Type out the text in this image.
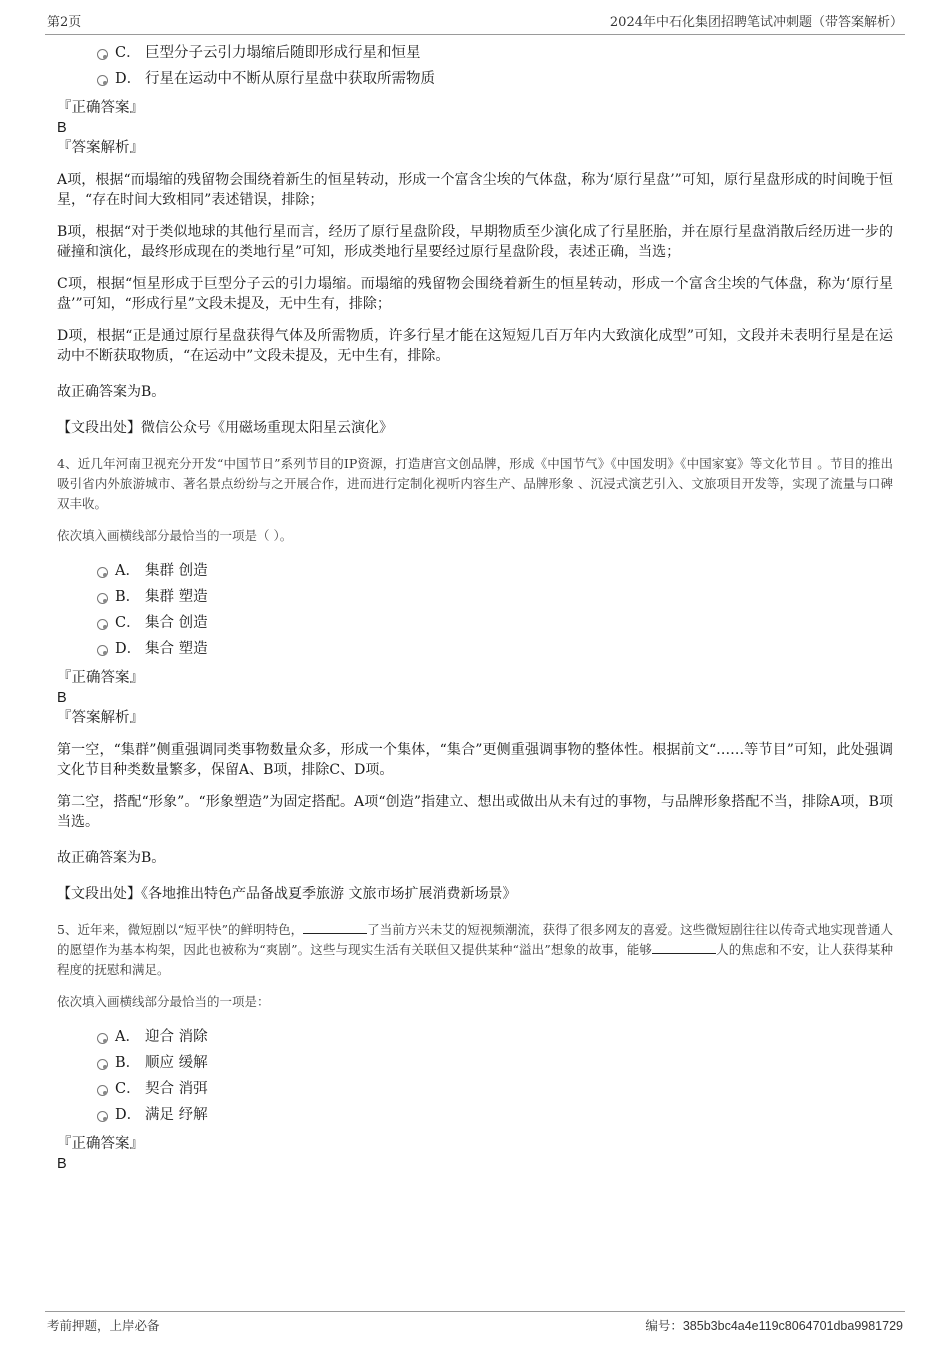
第2页	2024年中石化集团招聘笔试冲刺题（带答案解析）
C． 巨型分子云引力塌缩后随即形成行星和恒星
D． 行星在运动中不断从原行星盘中获取所需物质

『正确答案』

B

『答案解析』

A项，根据“而塌缩的残留物会围绕着新生的恒星转动，形成一个富含尘埃的气体盘，称为‘原行星盘’”可知，原行星盘形成的时间晚于恒星，“存在时间大致相同”表述错误，排除；

B项，根据“对于类似地球的其他行星而言，经历了原行星盘阶段，早期物质至少演化成了行星胚胎，并在原行星盘消散后经历进一步的碰撞和演化，最终形成现在的类地行星”可知，形成类地行星要经过原行星盘阶段，表述正确，当选；

C项，根据“恒星形成于巨型分子云的引力塌缩。而塌缩的残留物会围绕着新生的恒星转动，形成一个富含尘埃的气体盘，称为‘原行星盘’”可知，“形成行星”文段未提及，无中生有，排除；

D项，根据“正是通过原行星盘获得气体及所需物质，许多行星才能在这短短几百万年内大致演化成型”可知，文段并未表明行星是在运动中不断获取物质，“在运动中”文段未提及，无中生有，排除。

故正确答案为B。

【文段出处】微信公众号《用磁场重现太阳星云演化》

4、近几年河南卫视充分开发“中国节日”系列节目的IP资源，打造唐宫文创品牌，形成《中国节气》《中国发明》《中国家宴》等文化节目 。节目的推出吸引省内外旅游城市、著名景点纷纷与之开展合作，进而进行定制化视听内容生产、品牌形象 、沉浸式演艺引入、文旅项目开发等，实现了流量与口碑双丰收。

依次填入画横线部分最恰当的一项是（ ）。

A． 集群 创造
B． 集群 塑造
C． 集合 创造
D． 集合 塑造

『正确答案』

B

『答案解析』

第一空，“集群”侧重强调同类事物数量众多，形成一个集体，“集合”更侧重强调事物的整体性。根据前文“……等节目”可知，此处强调文化节目种类数量繁多，保留A、B项，排除C、D项。

第二空，搭配“形象”。“形象塑造”为固定搭配。A项“创造”指建立、想出或做出从未有过的事物，与品牌形象搭配不当，排除A项，B项当选。

故正确答案为B。

【文段出处】《各地推出特色产品备战夏季旅游 文旅市场扩展消费新场景》

5、近年来，微短剧以“短平快”的鲜明特色，	了当前方兴未艾的短视频潮流，获得了很多网友的喜爱。这些微短剧往往以传奇式地实现普通人的愿望作为基本构架，因此也被称为“爽剧”。这些与现实生活有关联但又提供某种“溢出”想象的故事，能够	人的焦虑和不安，让人获得某种程度的抚慰和满足。

依次填入画横线部分最恰当的一项是：

A． 迎合 消除
B． 顺应 缓解
C． 契合 消弭
D． 满足 纾解

『正确答案』

B

考前押题，上岸必备	编号：385b3bc4a4e119c8064701dba9981729
